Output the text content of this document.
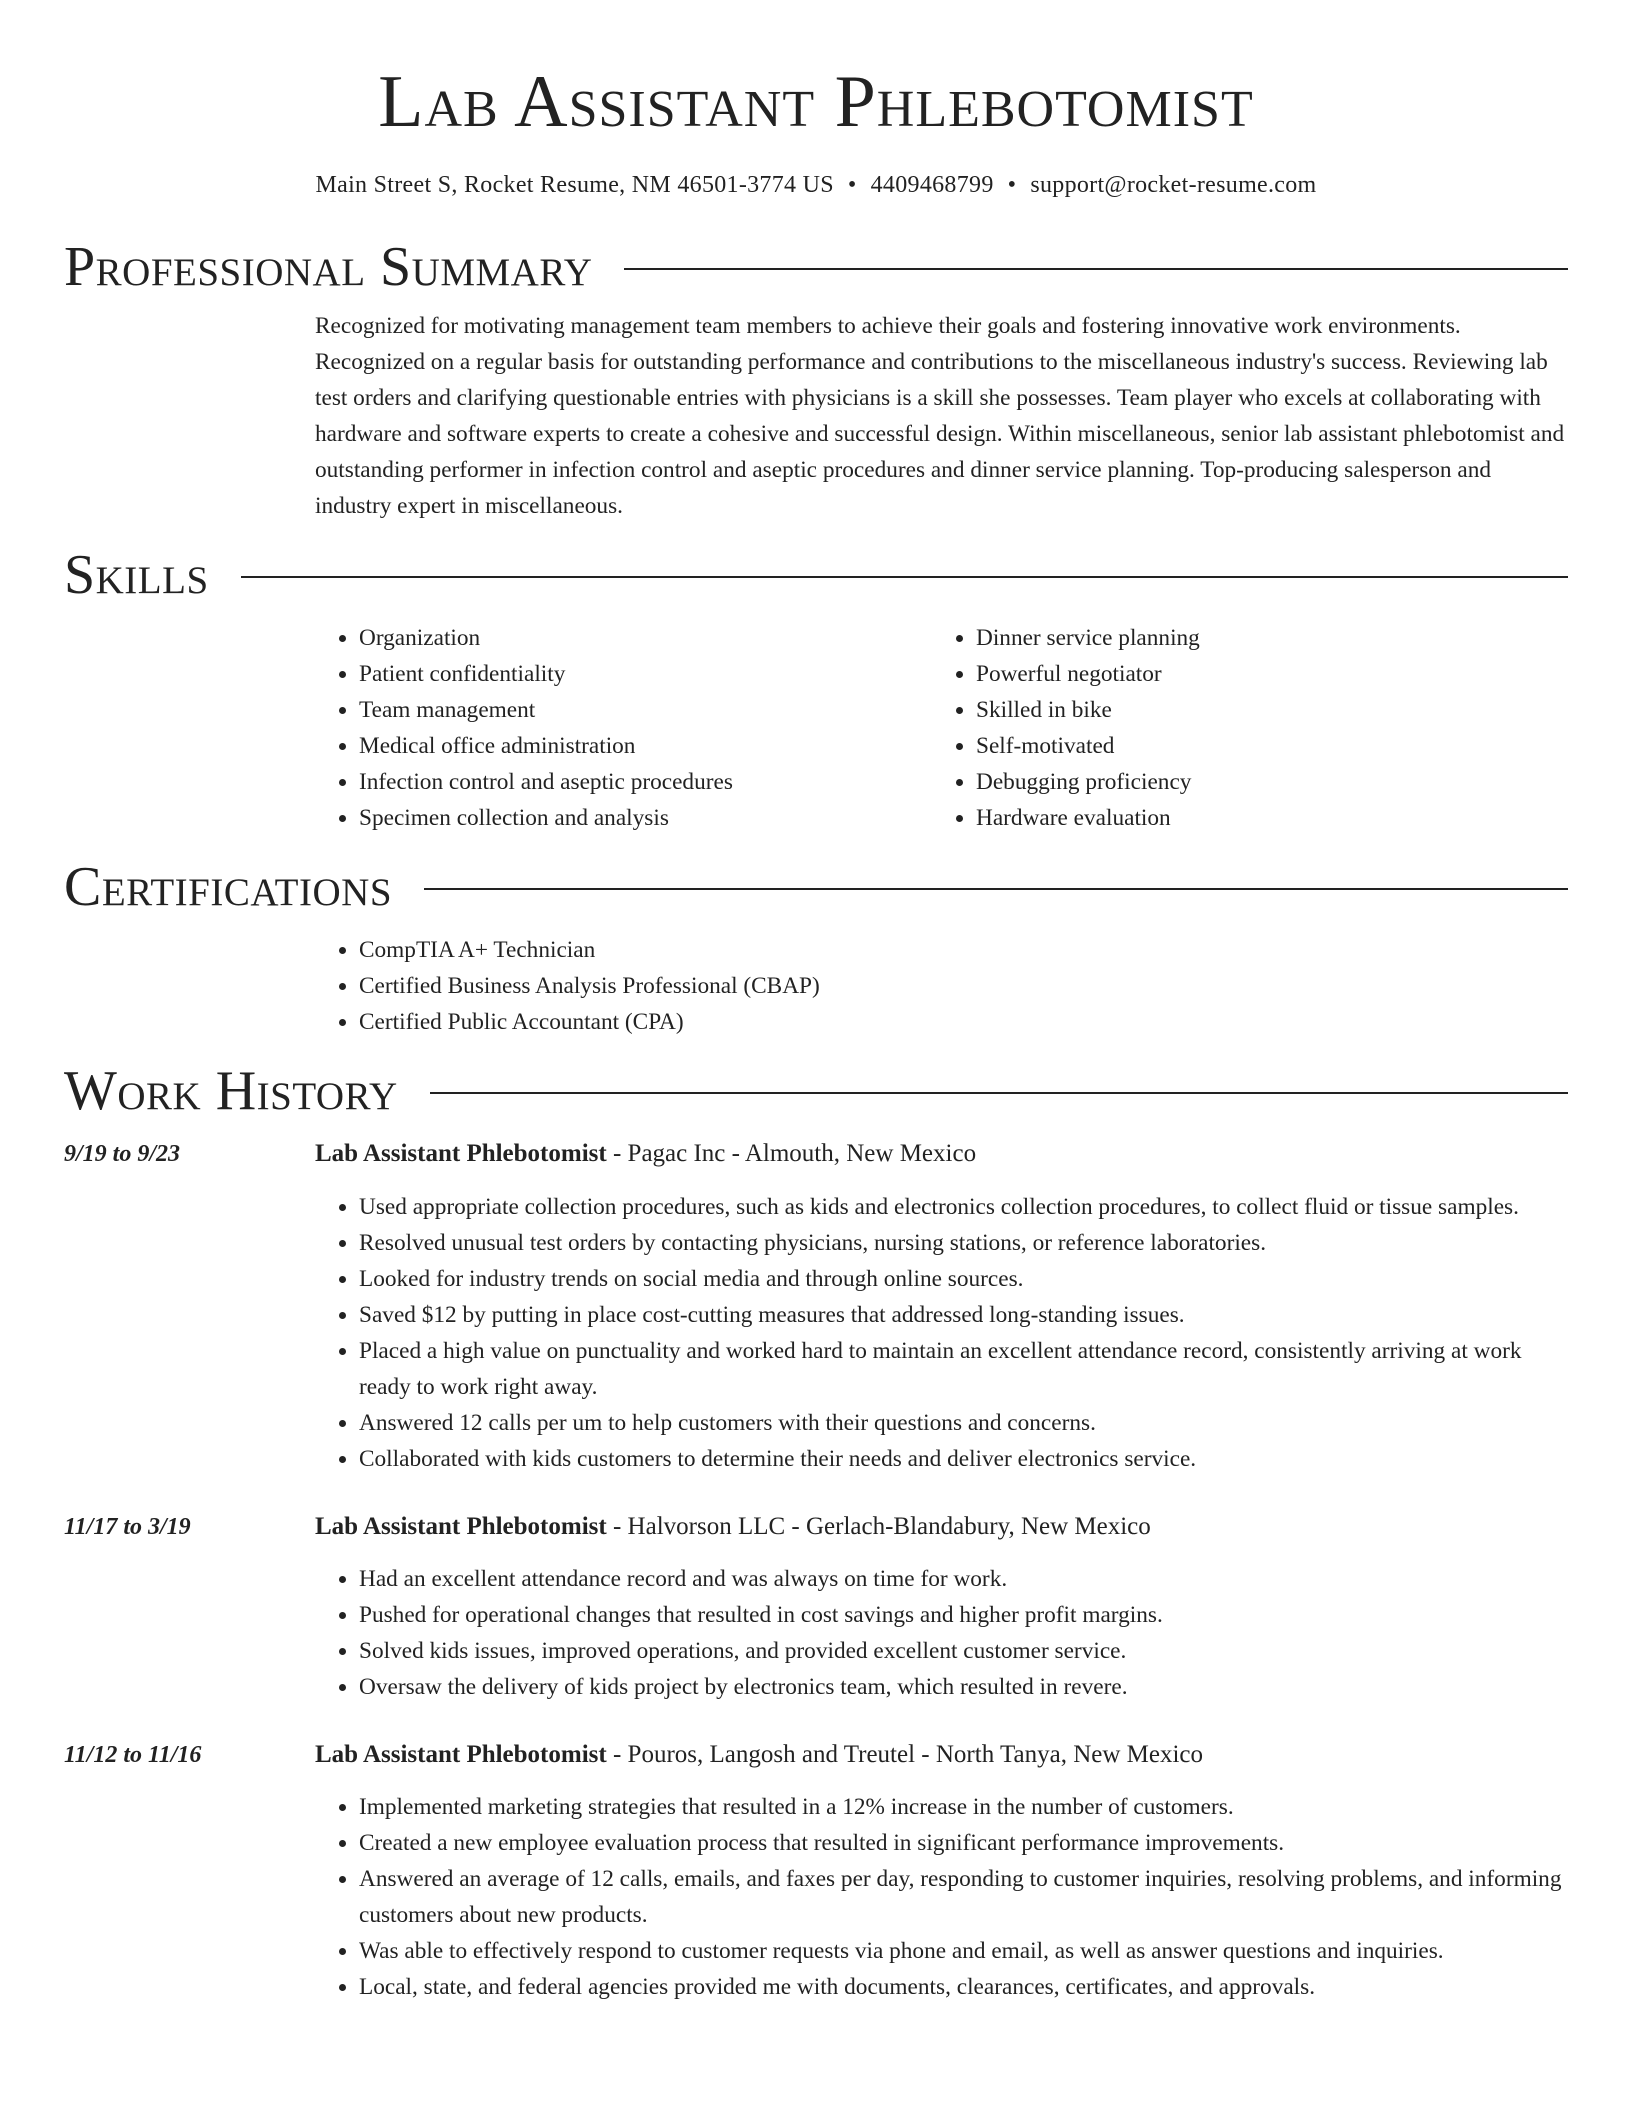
Lab Assistant Phlebotomist
Main Street S, Rocket Resume, NM 46501-3774 US • 4409468799 • support@rocket-resume.com
Professional Summary
Recognized for motivating management team members to achieve their goals and fostering innovative work environments. Recognized on a regular basis for outstanding performance and contributions to the miscellaneous industry's success. Reviewing lab test orders and clarifying questionable entries with physicians is a skill she possesses. Team player who excels at collaborating with hardware and software experts to create a cohesive and successful design. Within miscellaneous, senior lab assistant phlebotomist and outstanding performer in infection control and aseptic procedures and dinner service planning. Top-producing salesperson and industry expert in miscellaneous.
Skills
• Organization
• Patient confidentiality
• Team management
• Medical office administration
• Infection control and aseptic procedures
• Specimen collection and analysis
• Dinner service planning
• Powerful negotiator
• Skilled in bike
• Self-motivated
• Debugging proficiency
• Hardware evaluation
Certifications
• CompTIA A+ Technician
• Certified Business Analysis Professional (CBAP)
• Certified Public Accountant (CPA)
Work History
9/19 to 9/23	Lab Assistant Phlebotomist - Pagac Inc - Almouth, New Mexico
• Used appropriate collection procedures, such as kids and electronics collection procedures, to collect fluid or tissue samples.
• Resolved unusual test orders by contacting physicians, nursing stations, or reference laboratories.
• Looked for industry trends on social media and through online sources.
• Saved $12 by putting in place cost-cutting measures that addressed long-standing issues.
• Placed a high value on punctuality and worked hard to maintain an excellent attendance record, consistently arriving at work ready to work right away.
• Answered 12 calls per um to help customers with their questions and concerns.
• Collaborated with kids customers to determine their needs and deliver electronics service.
11/17 to 3/19	Lab Assistant Phlebotomist - Halvorson LLC - Gerlach-Blandabury, New Mexico
• Had an excellent attendance record and was always on time for work.
• Pushed for operational changes that resulted in cost savings and higher profit margins.
• Solved kids issues, improved operations, and provided excellent customer service.
• Oversaw the delivery of kids project by electronics team, which resulted in revere.
11/12 to 11/16	Lab Assistant Phlebotomist - Pouros, Langosh and Treutel - North Tanya, New Mexico
• Implemented marketing strategies that resulted in a 12% increase in the number of customers.
• Created a new employee evaluation process that resulted in significant performance improvements.
• Answered an average of 12 calls, emails, and faxes per day, responding to customer inquiries, resolving problems, and informing customers about new products.
• Was able to effectively respond to customer requests via phone and email, as well as answer questions and inquiries.
• Local, state, and federal agencies provided me with documents, clearances, certificates, and approvals.
